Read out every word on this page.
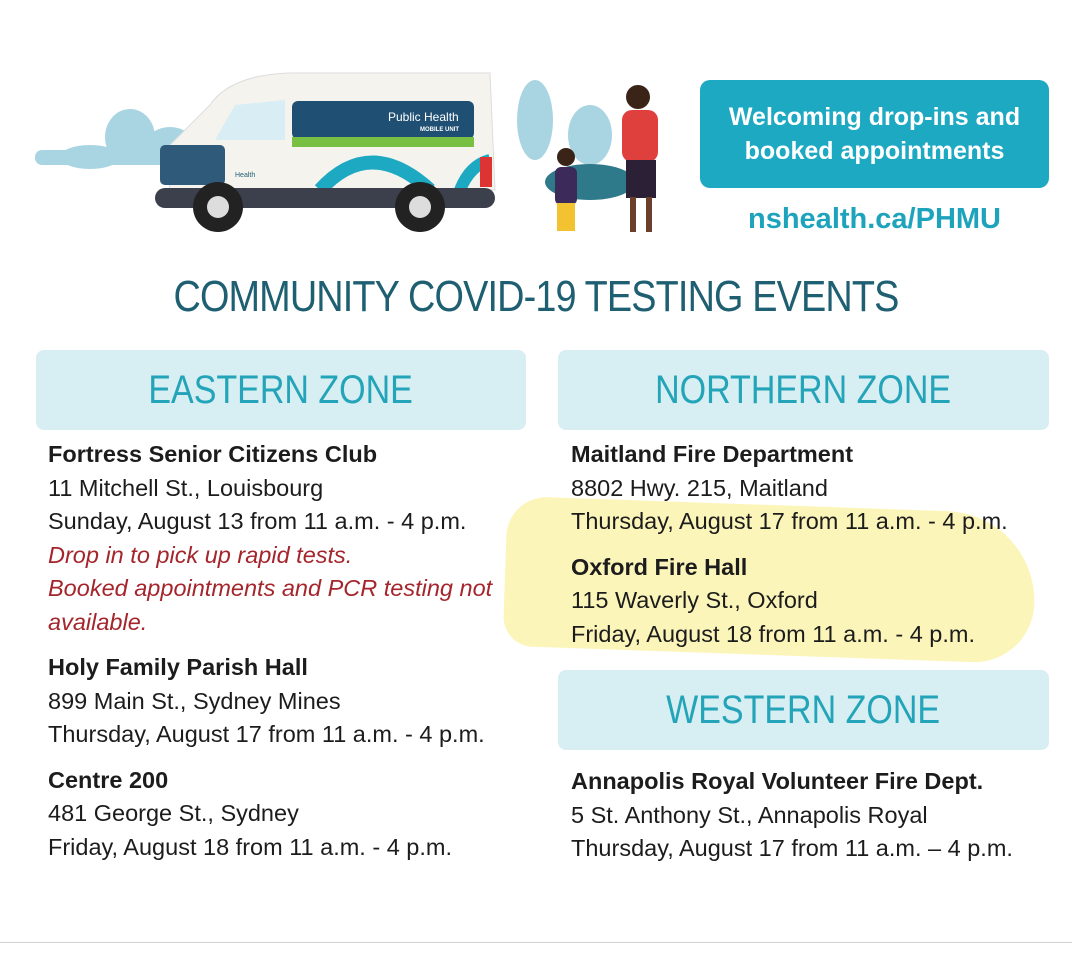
Public Health
MOBILE UNIT
Health
Welcoming drop-ins and
booked appointments
nshealth.ca/PHMU
COMMUNITY COVID-19 TESTING EVENTS
EASTERN ZONE	NORTHERN ZONE
WESTERN ZONE
Fortress Senior Citizens Club
11 Mitchell St., Louisbourg
Sunday, August 13 from 11 a.m. - 4 p.m.
Drop in to pick up rapid tests.
Booked appointments and PCR testing not
available.
Holy Family Parish Hall
899 Main St., Sydney Mines
Thursday, August 17 from 11 a.m. - 4 p.m.
Centre 200
481 George St., Sydney
Friday, August 18 from 11 a.m. - 4 p.m.
Maitland Fire Department
8802 Hwy. 215, Maitland
Thursday, August 17 from 11 a.m. - 4 p.m.
Oxford Fire Hall
115 Waverly St., Oxford
Friday, August 18 from 11 a.m. - 4 p.m.
Annapolis Royal Volunteer Fire Dept.
5 St. Anthony St., Annapolis Royal
Thursday, August 17 from 11 a.m. – 4 p.m.
